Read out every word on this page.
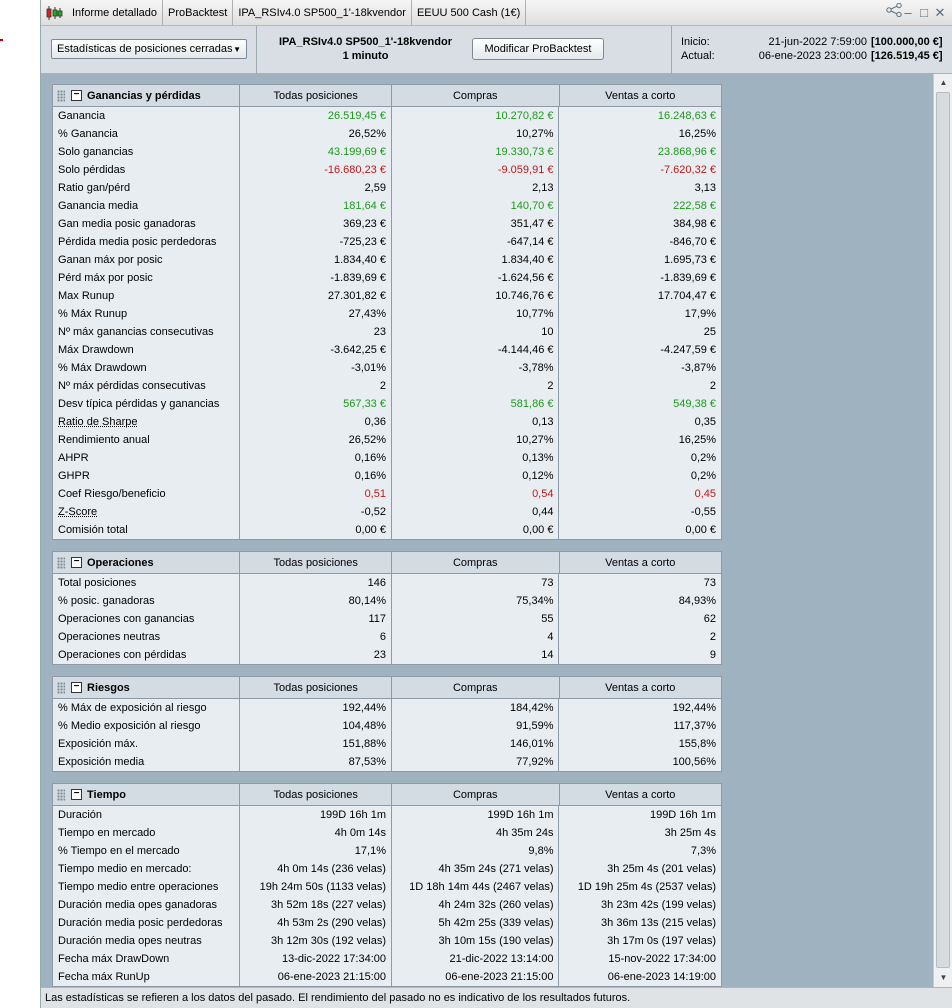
Informe detallado	ProBacktest	IPA_RSIv4.0 SP500_1'-18kvendor	EEUU 500 Cash (1€)	– □ ✕
Estadísticas de posiciones cerradas ▼
IPA_RSIv4.0 SP500_1'-18kvendor
1 minuto
Modificar ProBacktest
Inicio:	21-jun-2022 7:59:00 [100.000,00 €]
Actual:	06-ene-2023 23:00:00 [126.519,45 €]
− Ganancias y pérdidas	Todas posiciones	Compras	Ventas a corto
Ganancia	26.519,45 €	10.270,82 €	16.248,63 €
% Ganancia	26,52%	10,27%	16,25%
Solo ganancias	43.199,69 €	19.330,73 €	23.868,96 €
Solo pérdidas	-16.680,23 €	-9.059,91 €	-7.620,32 €
Ratio gan/pérd	2,59	2,13	3,13
Ganancia media	181,64 €	140,70 €	222,58 €
Gan media posic ganadoras	369,23 €	351,47 €	384,98 €
Pérdida media posic perdedoras	-725,23 €	-647,14 €	-846,70 €
Ganan máx por posic	1.834,40 €	1.834,40 €	1.695,73 €
Pérd máx por posic	-1.839,69 €	-1.624,56 €	-1.839,69 €
Max Runup	27.301,82 €	10.746,76 €	17.704,47 €
% Máx Runup	27,43%	10,77%	17,9%
Nº máx ganancias consecutivas	23	10	25
Máx Drawdown	-3.642,25 €	-4.144,46 €	-4.247,59 €
% Máx Drawdown	-3,01%	-3,78%	-3,87%
Nº máx pérdidas consecutivas	2	2	2
Desv típica pérdidas y ganancias	567,33 €	581,86 €	549,38 €
Ratio de Sharpe	0,36	0,13	0,35
Rendimiento anual	26,52%	10,27%	16,25%
AHPR	0,16%	0,13%	0,2%
GHPR	0,16%	0,12%	0,2%
Coef Riesgo/beneficio	0,51	0,54	0,45
Z-Score	-0,52	0,44	-0,55
Comisión total	0,00 €	0,00 €	0,00 €
− Operaciones	Todas posiciones	Compras	Ventas a corto
Total posiciones	146	73	73
% posic. ganadoras	80,14%	75,34%	84,93%
Operaciones con ganancias	117	55	62
Operaciones neutras	6	4	2
Operaciones con pérdidas	23	14	9
− Riesgos	Todas posiciones	Compras	Ventas a corto
% Máx de exposición al riesgo	192,44%	184,42%	192,44%
% Medio exposición al riesgo	104,48%	91,59%	117,37%
Exposición máx.	151,88%	146,01%	155,8%
Exposición media	87,53%	77,92%	100,56%
− Tiempo	Todas posiciones	Compras	Ventas a corto
Duración	199D 16h 1m	199D 16h 1m	199D 16h 1m
Tiempo en mercado	4h 0m 14s	4h 35m 24s	3h 25m 4s
% Tiempo en el mercado	17,1%	9,8%	7,3%
Tiempo medio en mercado:	4h 0m 14s (236 velas)	4h 35m 24s (271 velas)	3h 25m 4s (201 velas)
Tiempo medio entre operaciones	19h 24m 50s (1133 velas)	1D 18h 14m 44s (2467 velas)	1D 19h 25m 4s (2537 velas)
Duración media opes ganadoras	3h 52m 18s (227 velas)	4h 24m 32s (260 velas)	3h 23m 42s (199 velas)
Duración media posic perdedoras	4h 53m 2s (290 velas)	5h 42m 25s (339 velas)	3h 36m 13s (215 velas)
Duración media opes neutras	3h 12m 30s (192 velas)	3h 10m 15s (190 velas)	3h 17m 0s (197 velas)
Fecha máx DrawDown	13-dic-2022 17:34:00	21-dic-2022 13:14:00	15-nov-2022 17:34:00
Fecha máx RunUp	06-ene-2023 21:15:00	06-ene-2023 21:15:00	06-ene-2023 14:19:00
▲
▼
Las estadísticas se refieren a los datos del pasado. El rendimiento del pasado no es indicativo de los resultados futuros.
